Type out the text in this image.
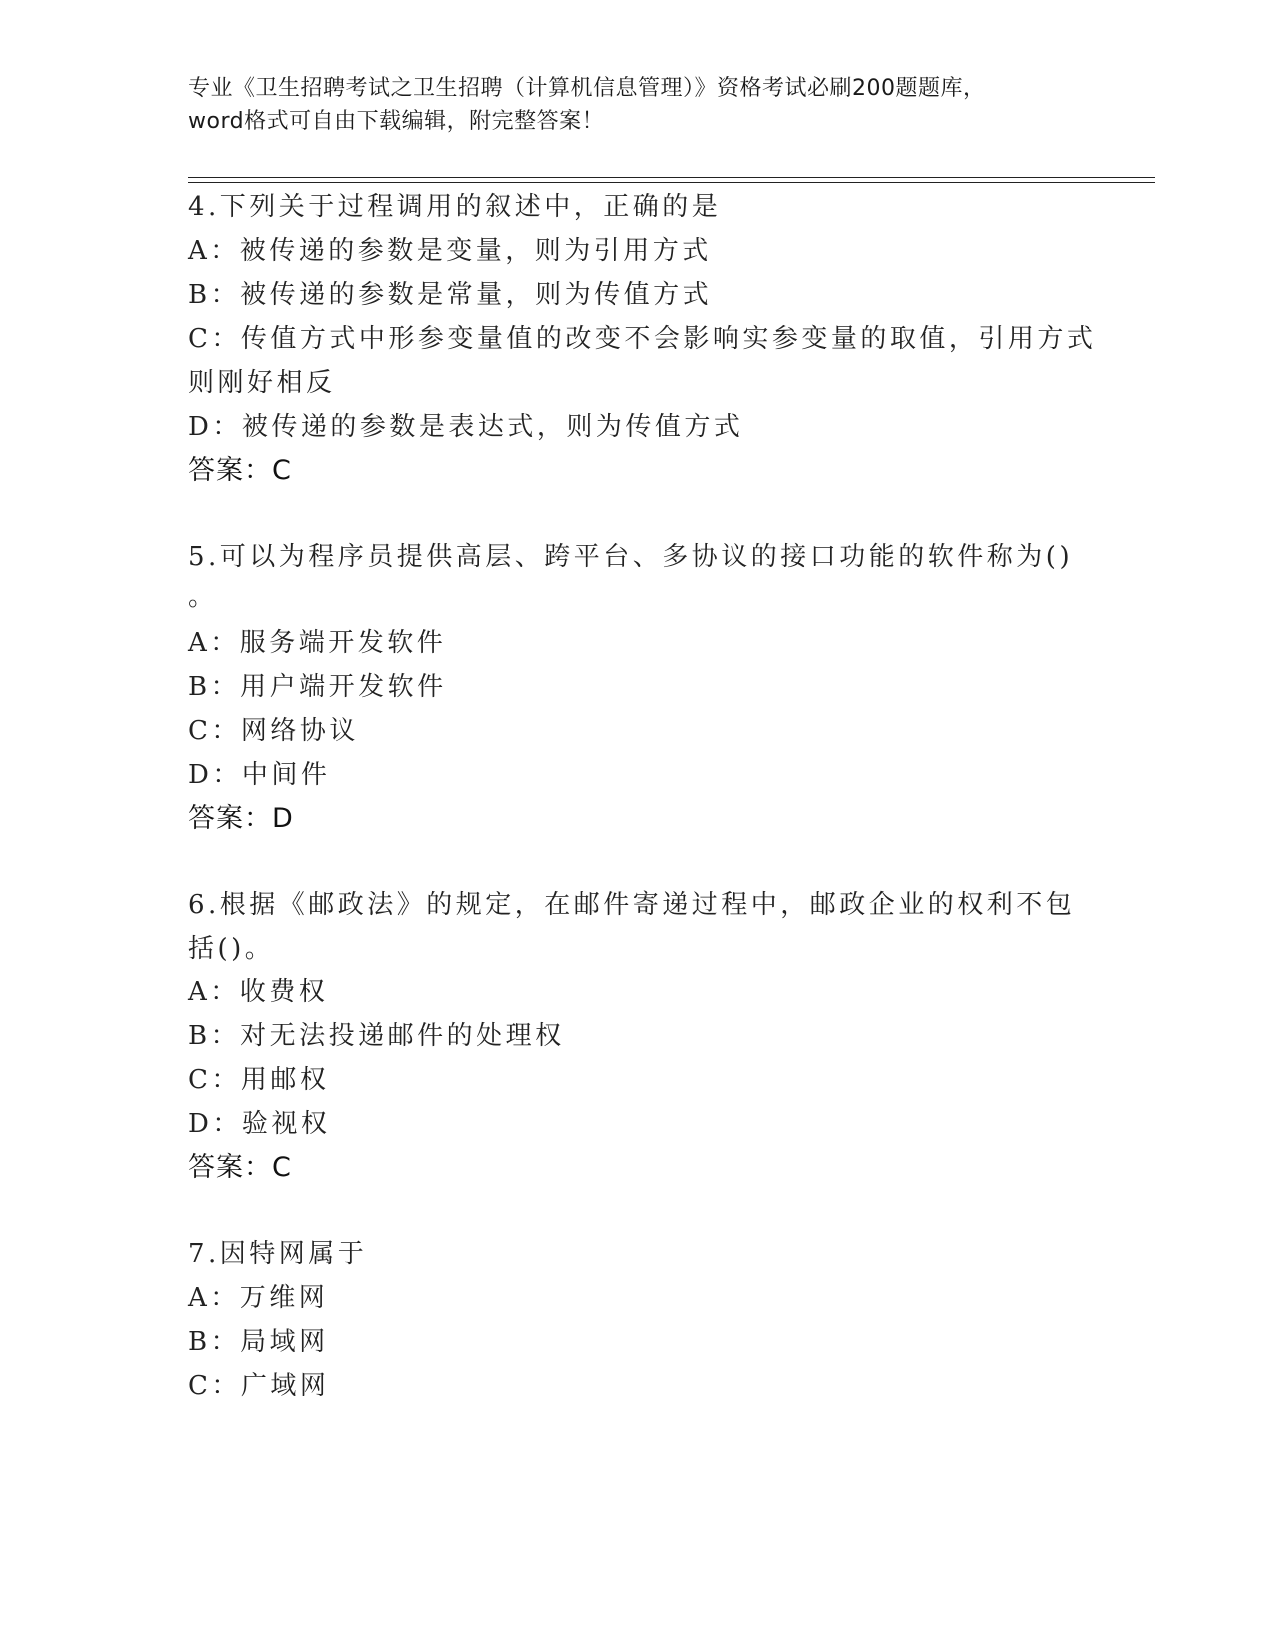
专业《卫生招聘考试之卫生招聘（计算机信息管理）》资格考试必刷200题题库，
word格式可自由下载编辑，附完整答案！
4.下列关于过程调用的叙述中，正确的是
A：被传递的参数是变量，则为引用方式
B：被传递的参数是常量，则为传值方式
C：传值方式中形参变量值的改变不会影响实参变量的取值，引用方式
则刚好相反
D：被传递的参数是表达式，则为传值方式
答案：C
5.可以为程序员提供高层、跨平台、多协议的接口功能的软件称为()
。
A：服务端开发软件
B：用户端开发软件
C：网络协议
D：中间件
答案：D
6.根据《邮政法》的规定，在邮件寄递过程中，邮政企业的权利不包
括()。
A：收费权
B：对无法投递邮件的处理权
C：用邮权
D：验视权
答案：C
7.因特网属于
A：万维网
B：局域网
C：广域网
